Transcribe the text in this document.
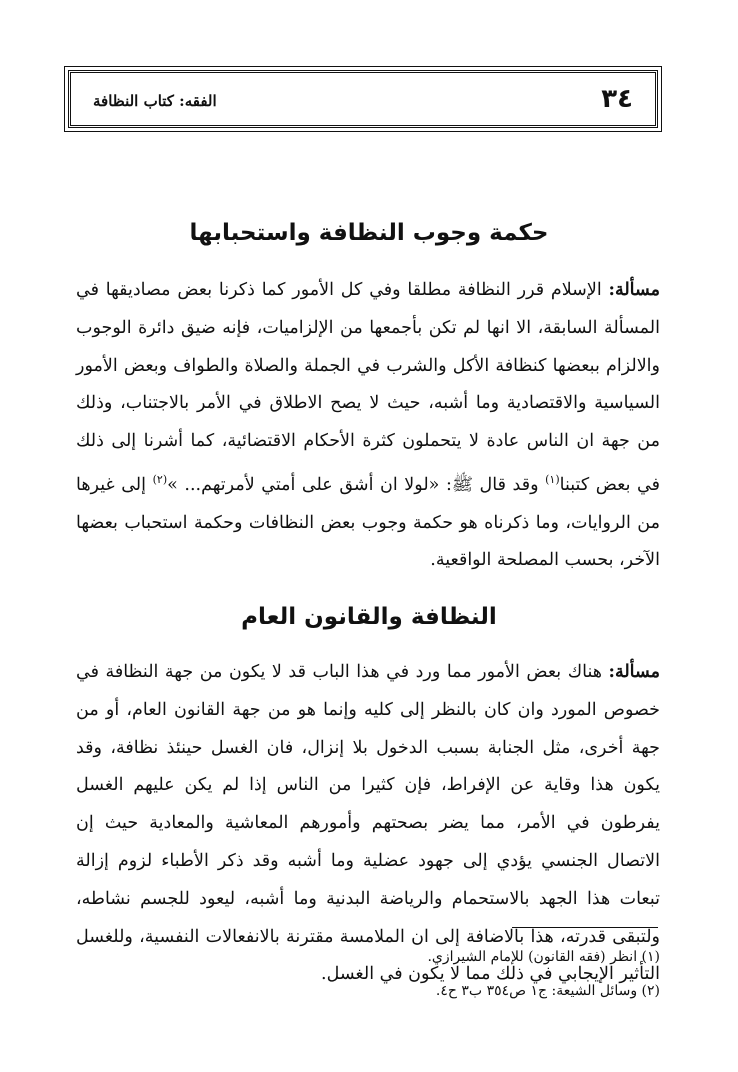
٣٤
الفقه: كتاب النظافة
حكمة وجوب النظافة واستحبابها
مسألة: الإسلام قرر النظافة مطلقا وفي كل الأمور كما ذكرنا بعض مصاديقها في المسألة السابقة، الا انها لم تكن بأجمعها من الإلزاميات، فإنه ضيق دائرة الوجوب والالزام ببعضها كنظافة الأكل والشرب في الجملة والصلاة والطواف وبعض الأمور السياسية والاقتصادية وما أشبه، حيث لا يصح الاطلاق في الأمر بالاجتناب، وذلك من جهة ان الناس عادة لا يتحملون كثرة الأحكام الاقتضائية، كما أشرنا إلى ذلك في بعض كتبنا$^{(١)}$ وقد قال ﷺ: «لولا ان أشق على أمتي لأمرتهم... »$^{(٢)}$ إلى غيرها من الروايات، وما ذكرناه هو حكمة وجوب بعض النظافات وحكمة استحباب بعضها الآخر، بحسب المصلحة الواقعية.
النظافة والقانون العام
مسألة: هناك بعض الأمور مما ورد في هذا الباب قد لا يكون من جهة النظافة في خصوص المورد وان كان بالنظر إلى كليه وإنما هو من جهة القانون العام، أو من جهة أخرى، مثل الجنابة بسبب الدخول بلا إنزال، فان الغسل حينئذ نظافة، وقد يكون هذا وقاية عن الإفراط، فإن كثيرا من الناس إذا لم يكن عليهم الغسل يفرطون في الأمر، مما يضر بصحتهم وأمورهم المعاشية والمعادية حيث إن الاتصال الجنسي يؤدي إلى جهود عضلية وما أشبه وقد ذكر الأطباء لزوم إزالة تبعات هذا الجهد بالاستحمام والرياضة البدنية وما أشبه، ليعود للجسم نشاطه، ولتبقى قدرته، هذا بالاضافة إلى ان الملامسة مقترنة بالانفعالات النفسية، وللغسل التأثير الإيجابي في ذلك مما لا يكون في الغسل.
(١) انظر (فقه القانون) للإمام الشيرازي.
(٢) وسائل الشيعة: ج١ ص٣٥٤ ب٣ ح٤.
